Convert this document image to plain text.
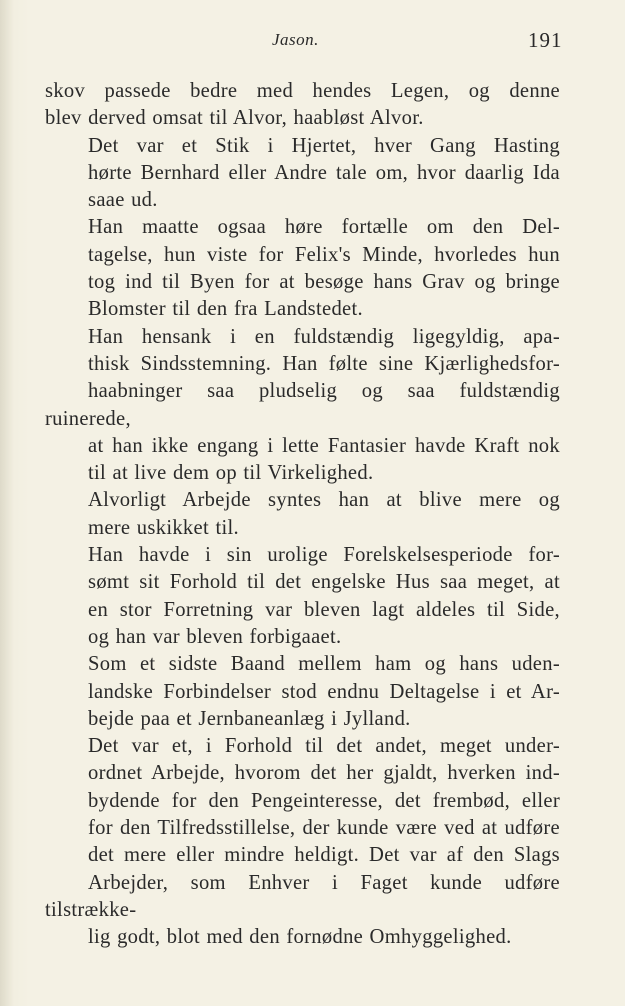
Jason.	191

skov passede bedre med hendes Legen, og denne
blev derved omsat til Alvor, haabløst Alvor.

Det var et Stik i Hjertet, hver Gang Hasting
hørte Bernhard eller Andre tale om, hvor daarlig Ida
saae ud.

Han maatte ogsaa høre fortælle om den Del-
tagelse, hun viste for Felix's Minde, hvorledes hun
tog ind til Byen for at besøge hans Grav og bringe
Blomster til den fra Landstedet.

Han hensank i en fuldstændig ligegyldig, apa-
thisk Sindsstemning. Han følte sine Kjærlighedsfor-
haabninger saa pludselig og saa fuldstændig ruinerede,
at han ikke engang i lette Fantasier havde Kraft nok
til at live dem op til Virkelighed.

Alvorligt Arbejde syntes han at blive mere og
mere uskikket til.

Han havde i sin urolige Forelskelsesperiode for-
sømt sit Forhold til det engelske Hus saa meget, at
en stor Forretning var bleven lagt aldeles til Side,
og han var bleven forbigaaet.

Som et sidste Baand mellem ham og hans uden-
landske Forbindelser stod endnu Deltagelse i et Ar-
bejde paa et Jernbaneanlæg i Jylland.

Det var et, i Forhold til det andet, meget under-
ordnet Arbejde, hvorom det her gjaldt, hverken ind-
bydende for den Pengeinteresse, det frembød, eller
for den Tilfredsstillelse, der kunde være ved at udføre
det mere eller mindre heldigt. Det var af den Slags
Arbejder, som Enhver i Faget kunde udføre tilstrække-
lig godt, blot med den fornødne Omhyggelighed.
